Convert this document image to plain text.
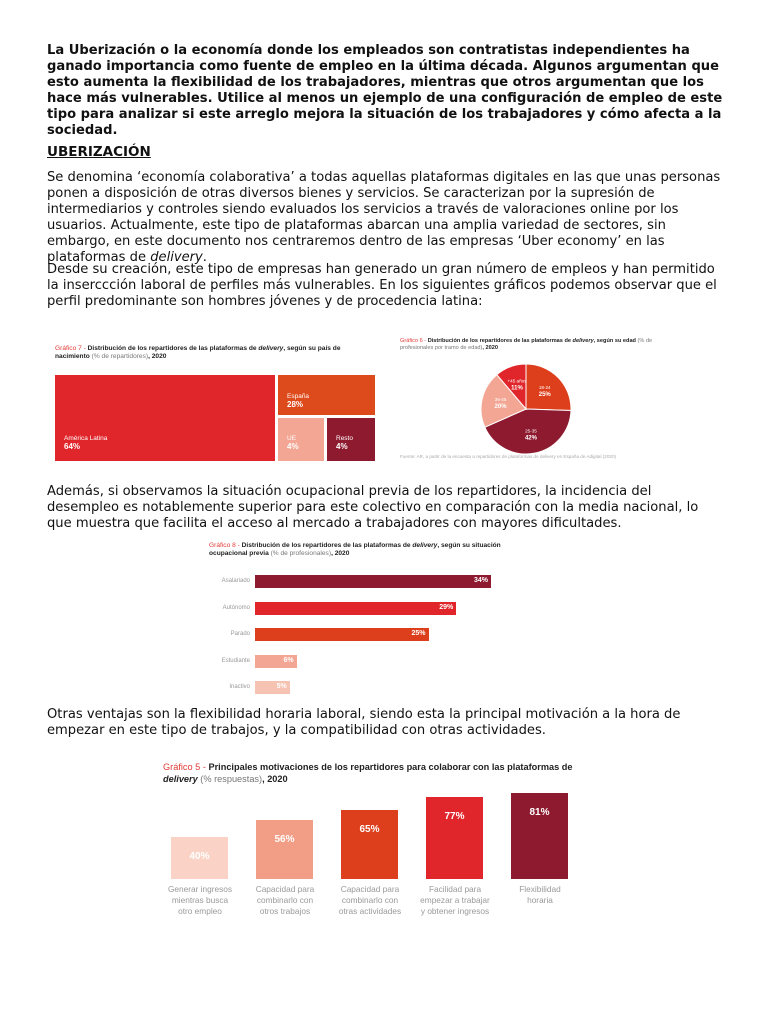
La Uberización o la economía donde los empleados son contratistas independientes ha ganado importancia como fuente de empleo en la última década. Algunos argumentan que esto aumenta la flexibilidad de los trabajadores, mientras que otros argumentan que los hace más vulnerables. Utilice al menos un ejemplo de una configuración de empleo de este tipo para analizar si este arreglo mejora la situación de los trabajadores y cómo afecta a la sociedad.
UBERIZACIÓN
Se denomina ‘economía colaborativa’ a todas aquellas plataformas digitales en las que unas personas ponen a disposición de otras diversos bienes y servicios. Se caracterizan por la supresión de intermediarios y controles siendo evaluados los servicios a través de valoraciones online por los usuarios. Actualmente, este tipo de plataformas abarcan una amplia variedad de sectores, sin embargo, en este documento nos centraremos dentro de las empresas ‘Uber economy’ en las plataformas de delivery.
Desde su creación, este tipo de empresas han generado un gran número de empleos y han permitido la inserccción laboral de perfiles más vulnerables. En los siguientes gráficos podemos observar que el perfil predominante son hombres jóvenes y de procedencia latina:
Gráfico 7 - Distribución de los repartidores de las plataformas de delivery, según su país de nacimiento (% de repartidores), 2020
América Latina
64%
España
28%
UE
4%
Resto
4%
Gráfico 6 - Distribución de los repartidores de las plataformas de delivery, según su edad (% de profesionales por tramo de edad), 2020
18-24
25%
25-35
42%
36-45
20%
+45 años
11%
Fuente: AR, a partir de la encuesta a repartidores de plataformas de delivery en España de Adigital (2020)
Además, si observamos la situación ocupacional previa de los repartidores, la incidencia del desempleo es notablemente superior para este colectivo en comparación con la media nacional, lo que muestra que facilita el acceso al mercado a trabajadores con mayores dificultades.
Gráfico 8 - Distribución de los repartidores de las plataformas de delivery, según su situación ocupacional previa (% de profesionales), 2020
Asalariado	34%
Autónomo	29%
Parado	25%
Estudiante	6%
Inactivo	5%
Otras ventajas son la flexibilidad horaria laboral, siendo esta la principal motivación a la hora de empezar en este tipo de trabajos, y la compatibilidad con otras actividades.
Gráfico 5 - Principales motivaciones de los repartidores para colaborar con las plataformas de delivery (% respuestas), 2020
40%
Generar ingresos
mientras busca
otro empleo
56%
Capacidad para
combinarlo con
otros trabajos
65%
Capacidad para
combinarlo con
otras actividades
77%
Facilidad para
empezar a trabajar
y obtener ingresos
81%
Flexibilidad
horaria
